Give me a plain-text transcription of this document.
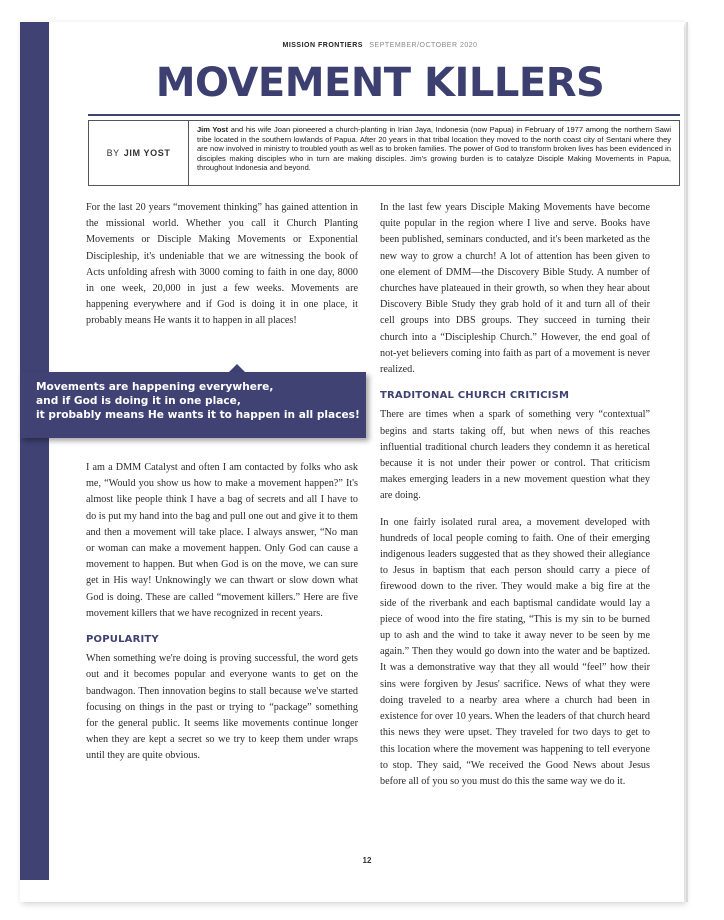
MISSION FRONTIERS SEPTEMBER/OCTOBER 2020
MOVEMENT KILLERS
BY JIM YOST
Jim Yost and his wife Joan pioneered a church-planting in Irian Jaya, Indonesia (now Papua) in February of 1977 among the northern Sawi tribe located in the southern lowlands of Papua. After 20 years in that tribal location they moved to the north coast city of Sentani where they are now involved in ministry to troubled youth as well as to broken families. The power of God to transform broken lives has been evidenced in disciples making disciples who in turn are making disciples. Jim's growing burden is to catalyze Disciple Making Movements in Papua, throughout Indonesia and beyond.

For the last 20 years “movement thinking” has gained attention in the missional world. Whether you call it Church Planting Movements or Disciple Making Movements or Exponential Discipleship, it's undeniable that we are witnessing the book of Acts unfolding afresh with 3000 coming to faith in one day, 8000 in one week, 20,000 in just a few weeks. Movements are happening everywhere and if God is doing it in one place, it probably means He wants it to happen in all places!

Movements are happening everywhere,
and if God is doing it in one place,
it probably means He wants it to happen in all places!

I am a DMM Catalyst and often I am contacted by folks who ask me, “Would you show us how to make a movement happen?” It's almost like people think I have a bag of secrets and all I have to do is put my hand into the bag and pull one out and give it to them and then a movement will take place. I always answer, “No man or woman can make a movement happen. Only God can cause a movement to happen. But when God is on the move, we can sure get in His way! Unknowingly we can thwart or slow down what God is doing. These are called “movement killers.” Here are five movement killers that we have recognized in recent years.

POPULARITY

When something we're doing is proving successful, the word gets out and it becomes popular and everyone wants to get on the bandwagon. Then innovation begins to stall because we've started focusing on things in the past or trying to “package” something for the general public. It seems like movements continue longer when they are kept a secret so we try to keep them under wraps until they are quite obvious.

In the last few years Disciple Making Movements have become quite popular in the region where I live and serve. Books have been published, seminars conducted, and it's been marketed as the new way to grow a church! A lot of attention has been given to one element of DMM—the Discovery Bible Study. A number of churches have plateaued in their growth, so when they hear about Discovery Bible Study they grab hold of it and turn all of their cell groups into DBS groups. They succeed in turning their church into a “Discipleship Church.” However, the end goal of not-yet believers coming into faith as part of a movement is never realized.

TRADITONAL CHURCH CRITICISM

There are times when a spark of something very “contextual” begins and starts taking off, but when news of this reaches influential traditional church leaders they condemn it as heretical because it is not under their power or control. That criticism makes emerging leaders in a new movement question what they are doing.

In one fairly isolated rural area, a movement developed with hundreds of local people coming to faith. One of their emerging indigenous leaders suggested that as they showed their allegiance to Jesus in baptism that each person should carry a piece of firewood down to the river. They would make a big fire at the side of the riverbank and each baptismal candidate would lay a piece of wood into the fire stating, “This is my sin to be burned up to ash and the wind to take it away never to be seen by me again.” Then they would go down into the water and be baptized. It was a demonstrative way that they all would “feel” how their sins were forgiven by Jesus' sacrifice. News of what they were doing traveled to a nearby area where a church had been in existence for over 10 years. When the leaders of that church heard this news they were upset. They traveled for two days to get to this location where the movement was happening to tell everyone to stop. They said, “We received the Good News about Jesus before all of you so you must do this the same way we do it.

12
